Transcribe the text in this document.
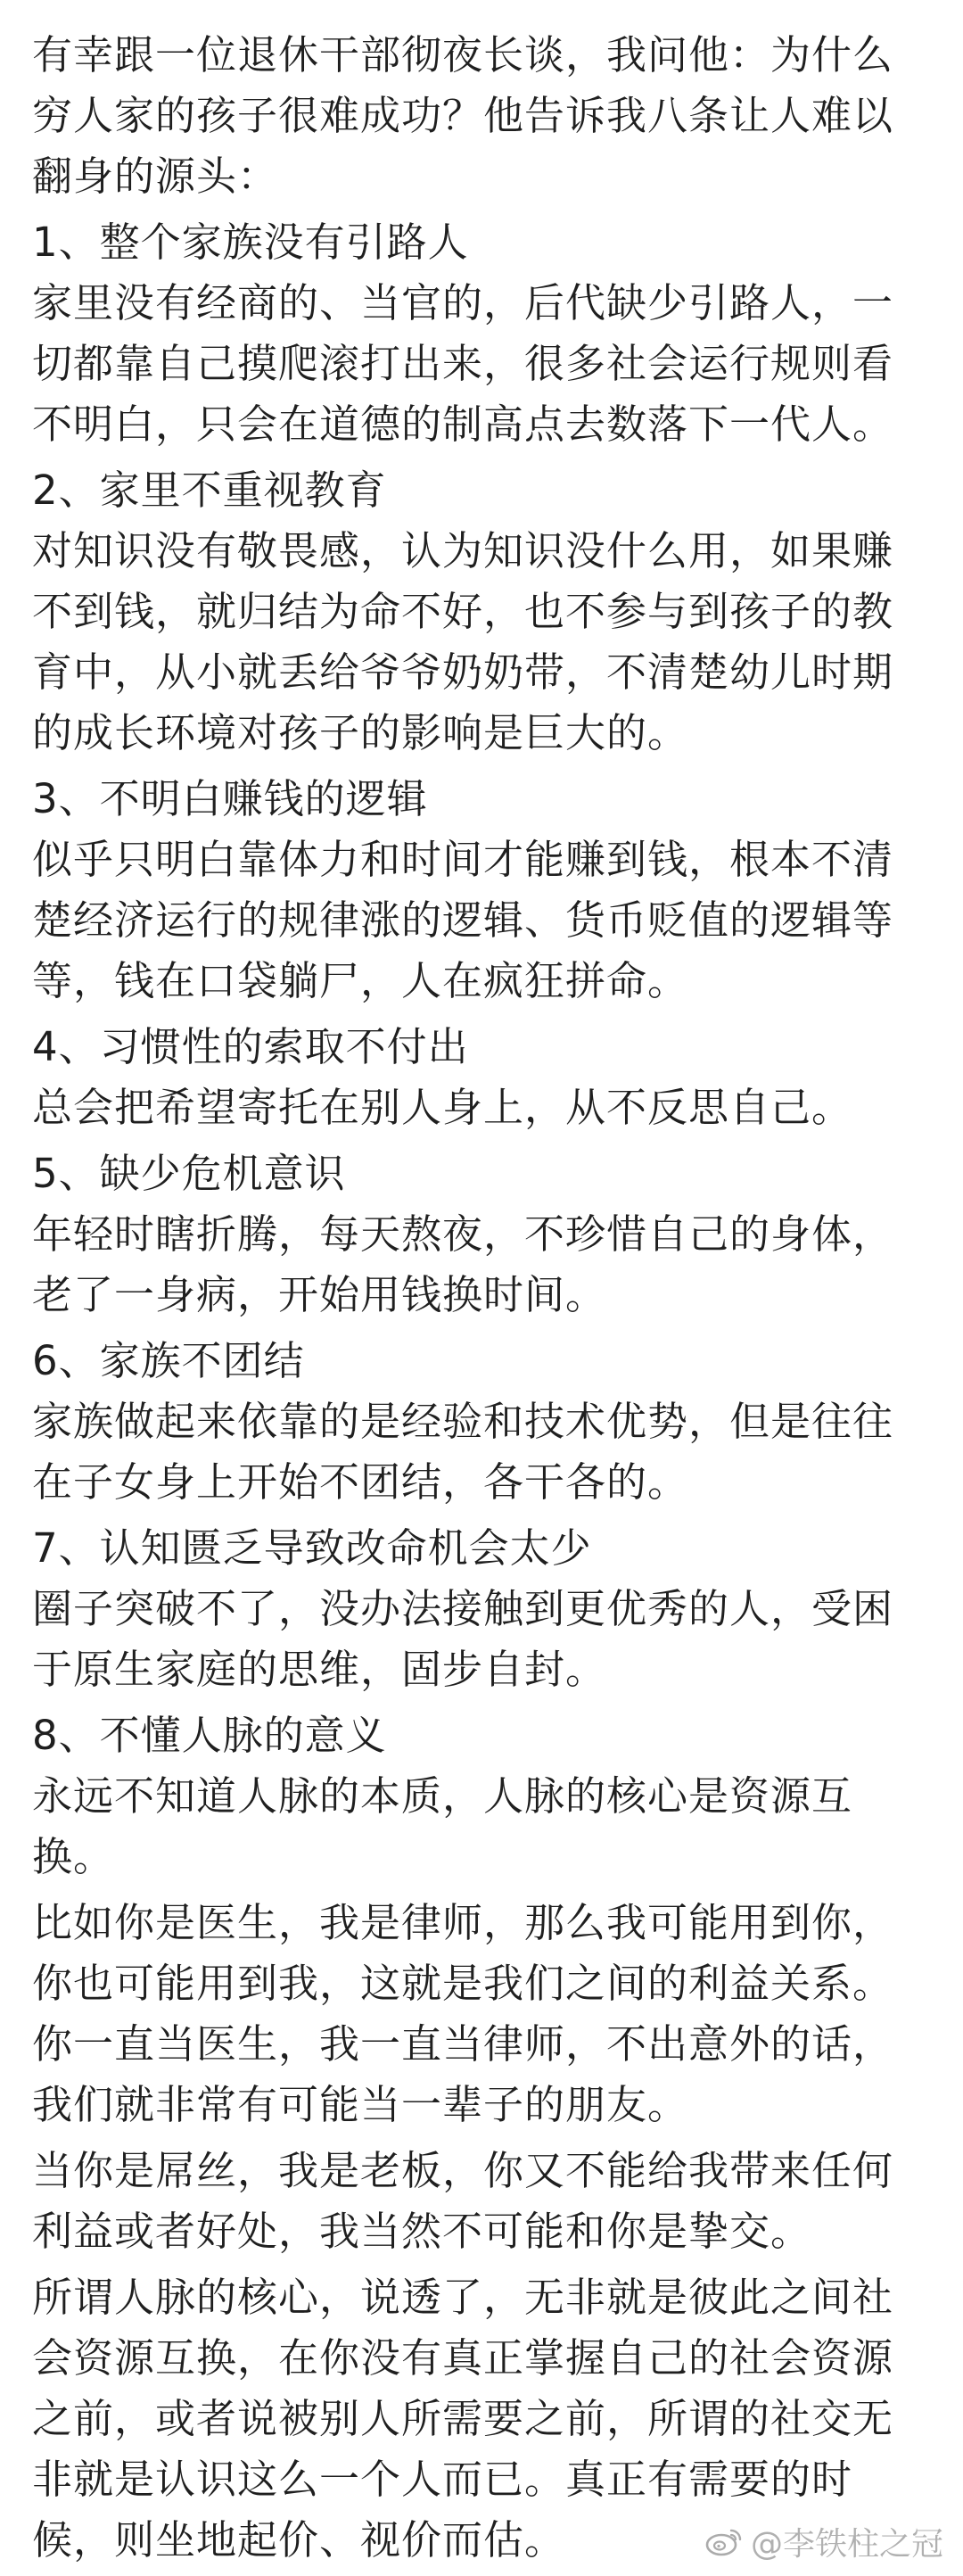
有幸跟一位退休干部彻夜长谈，我问他：为什么穷人家的孩子很难成功？他告诉我八条让人难以翻身的源头：

1、整个家族没有引路人

家里没有经商的、当官的，后代缺少引路人，一切都靠自己摸爬滚打出来，很多社会运行规则看不明白，只会在道德的制高点去数落下一代人。

2、家里不重视教育

对知识没有敬畏感，认为知识没什么用，如果赚不到钱，就归结为命不好，也不参与到孩子的教育中，从小就丢给爷爷奶奶带，不清楚幼儿时期的成长环境对孩子的影响是巨大的。

3、不明白赚钱的逻辑

似乎只明白靠体力和时间才能赚到钱，根本不清楚经济运行的规律涨的逻辑、货币贬值的逻辑等等，钱在口袋躺尸，人在疯狂拼命。

4、习惯性的索取不付出

总会把希望寄托在别人身上，从不反思自己。

5、缺少危机意识

年轻时瞎折腾，每天熬夜，不珍惜自己的身体，老了一身病，开始用钱换时间。

6、家族不团结

家族做起来依靠的是经验和技术优势，但是往往在子女身上开始不团结，各干各的。

7、认知匮乏导致改命机会太少

圈子突破不了，没办法接触到更优秀的人，受困于原生家庭的思维，固步自封。

8、不懂人脉的意义

永远不知道人脉的本质，人脉的核心是资源互换。

比如你是医生，我是律师，那么我可能用到你，你也可能用到我，这就是我们之间的利益关系。你一直当医生，我一直当律师，不出意外的话，我们就非常有可能当一辈子的朋友。

当你是屌丝，我是老板，你又不能给我带来任何利益或者好处，我当然不可能和你是挚交。

所谓人脉的核心，说透了，无非就是彼此之间社会资源互换，在你没有真正掌握自己的社会资源之前，或者说被别人所需要之前，所谓的社交无非就是认识这么一个人而已。真正有需要的时候，则坐地起价、视价而估。	@李铁柱之冠
